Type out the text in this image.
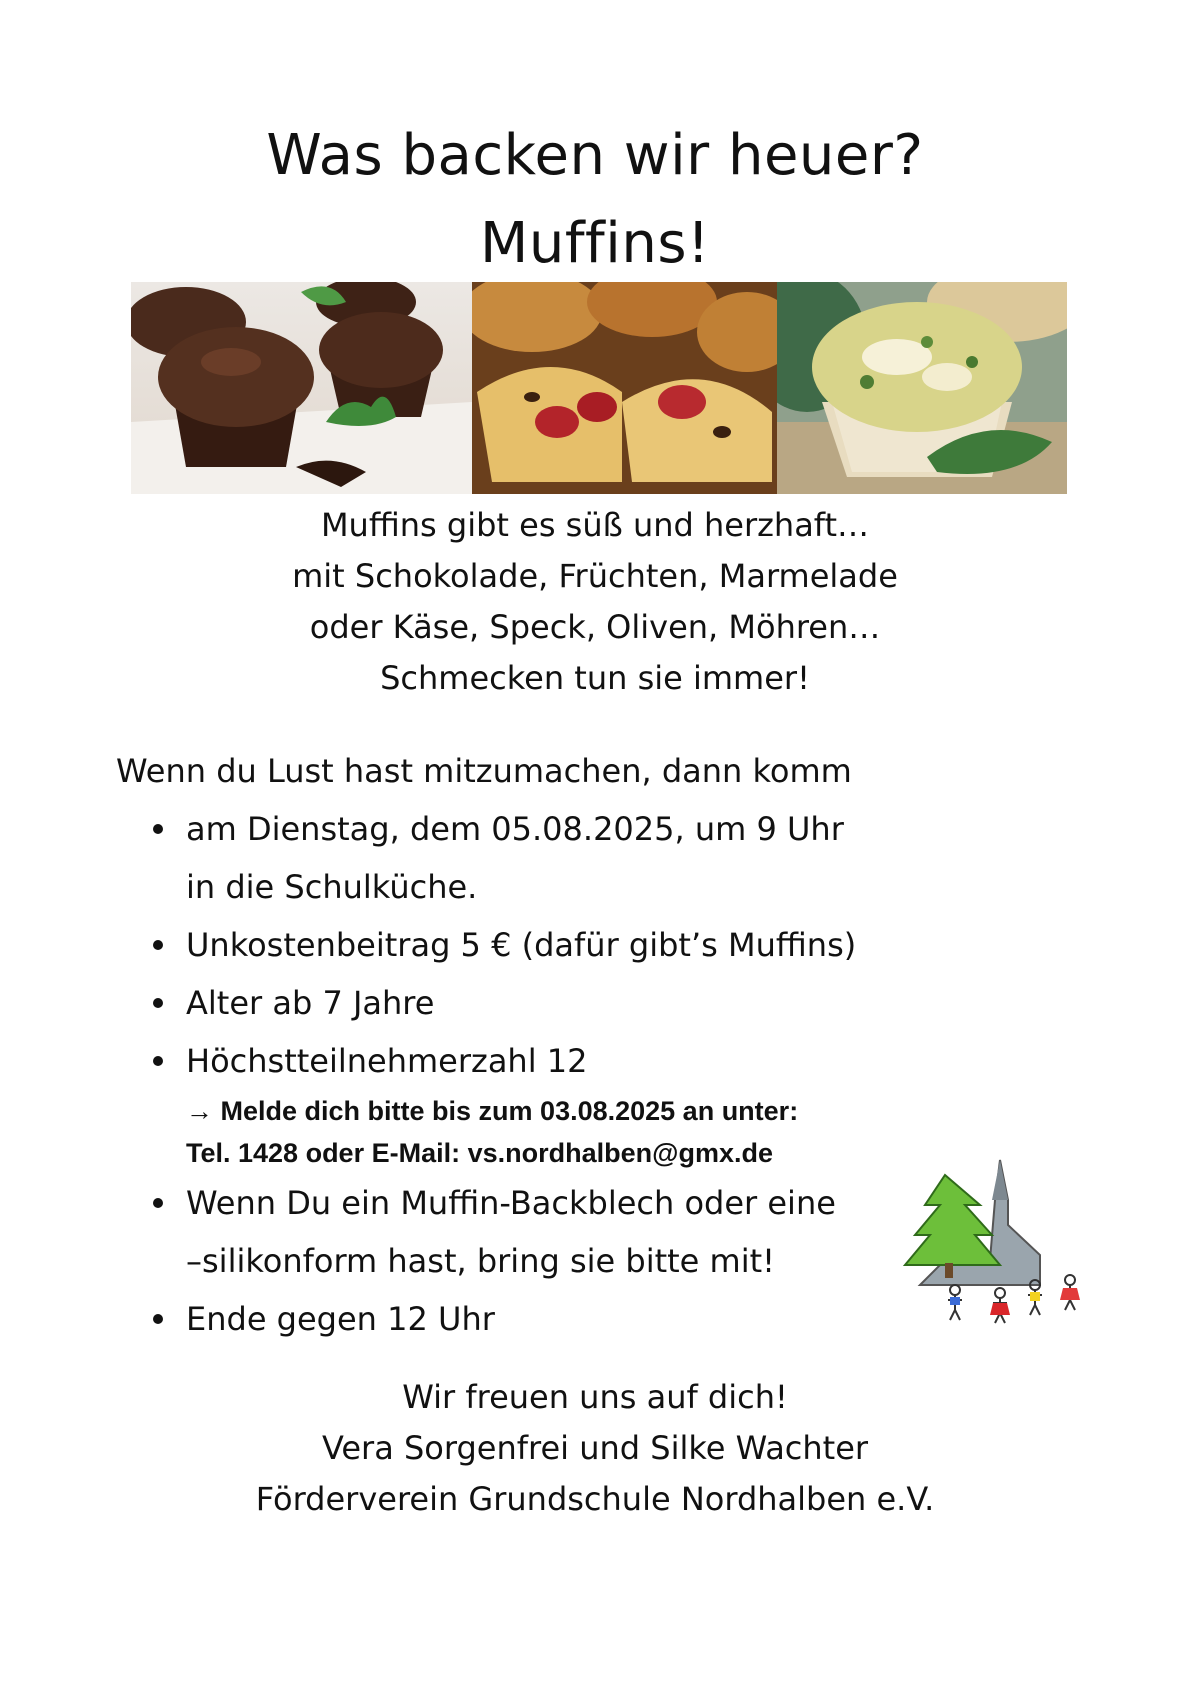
Was backen wir heuer?
Muffins!
Muffins gibt es süß und herzhaft…
mit Schokolade, Früchten, Marmelade
oder Käse, Speck, Oliven, Möhren…
Schmecken tun sie immer!
Wenn du Lust hast mitzumachen, dann komm
am Dienstag, dem 05.08.2025, um 9 Uhr
in die Schulküche.
Unkostenbeitrag 5 € (dafür gibt’s Muffins)
Alter ab 7 Jahre
Höchstteilnehmerzahl 12
→ Melde dich bitte bis zum 03.08.2025 an unter:
Tel. 1428 oder E-Mail: vs.nordhalben@gmx.de
Wenn Du ein Muffin-Backblech oder eine
–silikonform hast, bring sie bitte mit!
Ende gegen 12 Uhr
Wir freuen uns auf dich!
Vera Sorgenfrei und Silke Wachter
Förderverein Grundschule Nordhalben e.V.
